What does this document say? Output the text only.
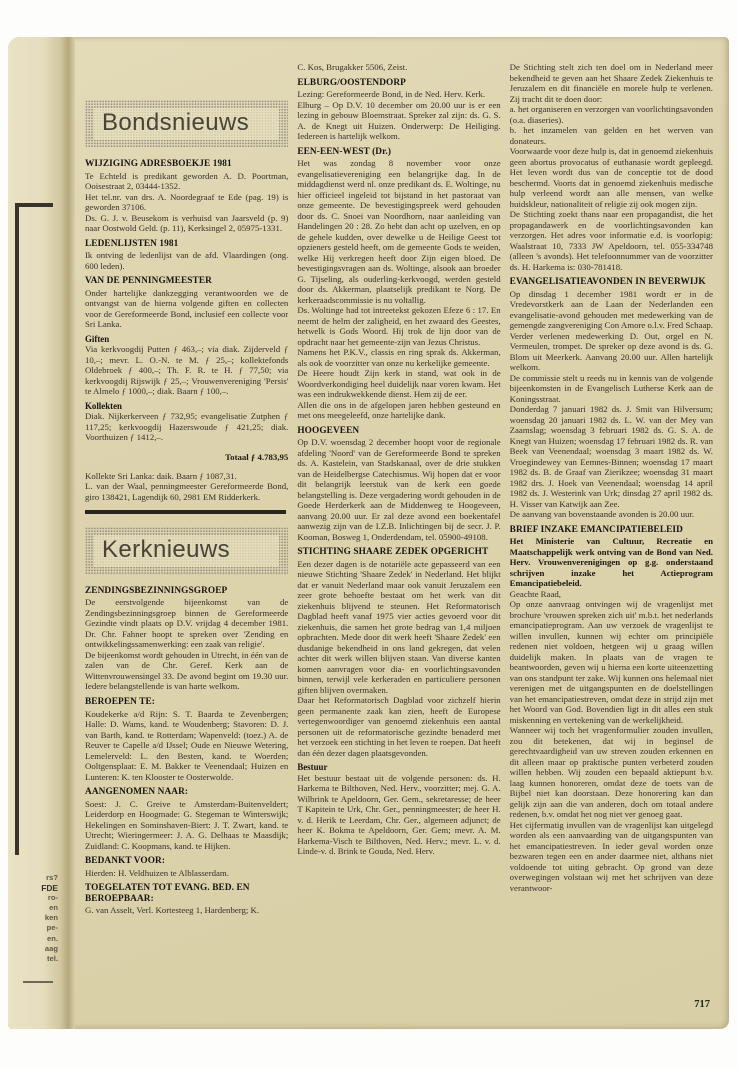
rs?
FDE
ro-
en
ken
pe-
en.
aag
tel.
Bondsnieuws
WIJZIGING ADRESBOEKJE 1981

Te Echteld is predikant geworden A. D. Poortman, Ooisestraat 2, 03444-1352.

Het tel.nr. van drs. A. Noordegraaf te Ede (pag. 19) is geworden 37106.

Ds. G. J. v. Beusekom is verhuisd van Jaarsveld (p. 9) naar Oostwold Geld. (p. 11), Kerksingel 2, 05975-1331.

LEDENLIJSTEN 1981

Ik ontving de ledenlijst van de afd. Vlaardingen (ong. 600 leden).

VAN DE PENNINGMEESTER

Onder hartelijke dankzegging verantwoorden we de ontvangst van de hierna volgende giften en collecten voor de Gereformeerde Bond, inclusief een collecte voor Sri Lanka.

Giften

Via kerkvoogdij Putten ƒ 463,–; via diak. Zijderveld ƒ 10,–; mevr. L. O.-N. te M. ƒ 25,–; kollektefonds Oldebroek ƒ 400,–; Th. F. R. te H. ƒ 77,50; via kerkvoogdij Rijswijk ƒ 25,–; Vrouwenvereniging 'Persis' te Almelo ƒ 1000,–; diak. Baarn ƒ 100,–.

Kollekten

Diak. Nijkerkerveen ƒ 732,95; evangelisatie Zutphen ƒ 117,25; kerkvoogdij Hazerswoude ƒ 421,25; diak. Voorthuizen ƒ 1412,–.

Totaal ƒ 4.783,95

Kollekte Sri Lanka: daik. Baarn ƒ 1087,31.

L. van der Waal, penningmeester Gereformeerde Bond, giro 138421, Lagendijk 60, 2981 EM Ridderkerk.

Kerknieuws
ZENDINGSBEZINNINGSGROEP

De eerstvolgende bijeenkomst van de Zendingsbezinningsgroep binnen de Gereformeerde Gezindte vindt plaats op D.V. vrijdag 4 december 1981. Dr. Chr. Fahner hoopt te spreken over 'Zending en ontwikkelingssamenwerking: een zaak van religie'.

De bijeenkomst wordt gehouden in Utrecht, in één van de zalen van de Chr. Geref. Kerk aan de Wittenvrouwensingel 33. De avond begint om 19.30 uur. Iedere belangstellende is van harte welkom.

BEROEPEN TE:

Koudekerke a/d Rijn: S. T. Baarda te Zevenbergen; Halle: D. Wams, kand. te Woudenberg; Stavoren: D. J. van Barth, kand. te Rotterdam; Wapenveld: (toez.) A. de Reuver te Capelle a/d IJssel; Oude en Nieuwe Wetering, Lemelerveld: L. den Besten, kand. te Woerden; Ooltgensplaat: E. M. Bakker te Veenendaal; Huizen en Lunteren: K. ten Klooster te Oosterwolde.

AANGENOMEN NAAR:

Soest: J. C. Greive te Amsterdam-Buitenveldert; Leiderdorp en Hoogmade: G. Stegeman te Winterswijk; Hekelingen en Sominshaven-Biert: J. T. Zwart, kand. te Utrecht; Wieringermeer: J. A. G. Delhaas te Maasdijk; Zuidland: C. Koopmans, kand. te Hijken.

BEDANKT VOOR:

Hierden: H. Veldhuizen te Alblasserdam.

TOEGELATEN TOT EVANG. BED. EN BEROEPBAAR:

G. van Asselt, Verl. Kortesteeg 1, Hardenberg; K.

C. Kos, Brugakker 5506, Zeist.

ELBURG/OOSTENDORP

Lezing: Gereformeerde Bond, in de Ned. Herv. Kerk.

Elburg – Op D.V. 10 december om 20.00 uur is er een lezing in gebouw Bloemstraat. Spreker zal zijn: ds. G. S. A. de Knegt uit Huizen. Onderwerp: De Heiliging. Iedereen is hartelijk welkom.

EEN-EEN-WEST (Dr.)

Het was zondag 8 november voor onze evangelisatievereniging een belangrijke dag. In de middagdienst werd nl. onze predikant ds. E. Woltinge, nu hier officieel ingeleid tot bijstand in het pastoraat van onze gemeente. De bevestigingspreek werd gehouden door ds. C. Snoei van Noordhorn, naar aanleiding van Handelingen 20 : 28. Zo hebt dan acht op uzelven, en op de gehele kudden, over dewelke u de Heilige Geest tot opzieners gesteld heeft, om de gemeente Gods te weiden, welke Hij verkregen heeft door Zijn eigen bloed. De bevestigingsvragen aan ds. Woltinge, alsook aan broeder G. Tijseling, als ouderling-kerkvoogd, werden gesteld door ds. Akkerman, plaatselijk predikant te Norg. De kerkeraadscommissie is nu voltallig.

Ds. Woltinge had tot intreetekst gekozen Efeze 6 : 17. En neemt de helm der zaligheid, en het zwaard des Geestes, hetwelk is Gods Woord. Hij trok de lijn door van de opdracht naar het gemeente-zijn van Jezus Christus.

Namens het P.K.V., classis en ring sprak ds. Akkerman, als ook de voorzitter van onze nu kerkelijke gemeente.

De Heere houdt Zijn kerk in stand, wat ook in de Woordverkondiging heel duidelijk naar voren kwam. Het was een indrukwekkende dienst. Hem zij de eer.

Allen die ons in de afgelopen jaren hebben gesteund en met ons meegeleefd, onze hartelijke dank.

HOOGEVEEN

Op D.V. woensdag 2 december hoopt voor de regionale afdeling 'Noord' van de Gereformeerde Bond te spreken ds. A. Kastelein, van Stadskanaal, over de drie stukken van de Heidelbergse Catechismus. Wij hopen dat er voor dit belangrijk leerstuk van de kerk een goede belangstelling is. Deze vergadering wordt gehouden in de Goede Herderkerk aan de Middenweg te Hoogeveen, aanvang 20.00 uur. Er zal deze avond een boekentafel aanwezig zijn van de I.Z.B. Inlichtingen bij de secr. J. P. Kooman, Bosweg 1, Onderdendam, tel. 05900-49108.

STICHTING SHAARE ZEDEK OPGERICHT

Een dezer dagen is de notariële acte gepasseerd van een nieuwe Stichting 'Shaare Zedek' in Nederland. Het blijkt dat er vanuit Nederland maar ook vanuit Jeruzalem een zeer grote behoefte bestaat om het werk van dit ziekenhuis blijvend te steunen. Het Reformatorisch Dagblad heeft vanaf 1975 vier acties gevoerd voor dit ziekenhuis, die samen het grote bedrag van 1,4 miljoen opbrachten. Mede door dit werk heeft 'Shaare Zedek' een dusdanige bekendheid in ons land gekregen, dat velen achter dit werk willen blijven staan. Van diverse kanten komen aanvragen voor dia- en voorlichtingsavonden binnen, terwijl vele kerkeraden en particuliere personen giften blijven overmaken.

Daar het Reformatorisch Dagblad voor zichzelf hierin geen permanente zaak kan zien, heeft de Europese vertegenwoordiger van genoemd ziekenhuis een aantal personen uit de reformatorische gezindte benaderd met het verzoek een stichting in het leven te roepen. Dat heeft dan één dezer dagen plaatsgevonden.

Bestuur

Het bestuur bestaat uit de volgende personen: ds. H. Harkema te Bilthoven, Ned. Herv., voorzitter; mej. G. A. Wilbrink te Apeldoorn, Ger. Gem., sekretaresse; de heer T Kapitein te Urk, Chr. Ger., penningmeester; de heer H. v. d. Herik te Leerdam, Chr. Ger., algemeen adjunct; de heer K. Bokma te Apeldoorn, Ger. Gem; mevr. A. M. Harkema-Visch te Bilthoven, Ned. Herv.; mevr. L. v. d. Linde-v. d. Brink te Gouda, Ned. Herv.

De Stichting stelt zich ten doel om in Nederland meer bekendheid te geven aan het Shaare Zedek Ziekenhuis te Jeruzalem en dit financiële en morele hulp te verlenen. Zij tracht dit te doen door:

a. het organiseren en verzorgen van voorlichtingsavonden (o.a. diaseries).

b. het inzamelen van gelden en het werven van donateurs.

Voorwaarde voor deze hulp is, dat in genoemd ziekenhuis geen abortus provocatus of euthanasie wordt gepleegd. Het leven wordt dus van de conceptie tot de dood beschermd. Voorts dat in genoemd ziekenhuis medische hulp verleend wordt aan alle mensen, van welke huidskleur, nationaliteit of religie zij ook mogen zijn.

De Stichting zoekt thans naar een propagandist, die het propagandawerk en de voorlichtingsavonden kan verzorgen. Het adres voor informatie e.d. is voorlopig: Waalstraat 10, 7333 JW Apeldoorn, tel. 055-334748 (alleen 's avonds). Het telefoonnummer van de voorzitter ds. H. Harkema is: 030-781418.

EVANGELISATIEAVONDEN IN BEVERWIJK

Op dinsdag 1 december 1981 wordt er in de Vredevorstkerk aan de Laan der Nederlanden een evangelisatie-avond gehouden met medewerking van de gemengde zangvereniging Con Amore o.l.v. Fred Schaap. Verder verlenen medewerking D. Out, orgel en N. Vermeulen, trompet. De spreker op deze avond is ds. G. Blom uit Meerkerk. Aanvang 20.00 uur. Allen hartelijk welkom.

De commissie stelt u reeds nu in kennis van de volgende bijeenkomsten in de Evangelisch Lutherse Kerk aan de Koningsstraat.

Donderdag 7 januari 1982 ds. J. Smit van Hilversum; woensdag 20 januari 1982 ds. L. W. van der Mey van Zaamslag; woensdag 3 februari 1982 ds. G. S. A. de Knegt van Huizen; woensdag 17 februari 1982 ds. R. van Beek van Veenendaal; woensdag 3 maart 1982 ds. W. Vroegindewey van Eemnes-Binnen; woensdag 17 maart 1982 ds. B. de Graaf van Zierikzee; woensdag 31 maart 1982 drs. J. Hoek van Veenendaal; woensdag 14 april 1982 ds. J. Westerink van Urk; dinsdag 27 april 1982 ds. H. Visser van Katwijk aan Zee.

De aanvang van bovenstaande avonden is 20.00 uur.

BRIEF INZAKE EMANCIPATIEBELEID

Het Ministerie van Cultuur, Recreatie en Maatschappelijk werk ontving van de Bond van Ned. Herv. Vrouwenverenigingen op g.g. onderstaand schrijven inzake het Actieprogram Emancipatiebeleid.

Geachte Raad,

Op onze aanvraag ontvingen wij de vragenlijst met brochure 'vrouwen spreken zich uit' m.b.t. het nederlands emancipatieprogram. Aan uw verzoek de vragenlijst te willen invullen, kunnen wij echter om principiële redenen niet voldoen, hetgeen wij u graag willen duidelijk maken. In plaats van de vragen te beantwoorden, geven wij u hierna een korte uiteenzetting van ons standpunt ter zake. Wij kunnen ons helemaal niet verenigen met de uitgangspunten en de doelstellingen van het emancipatiestreven, omdat deze in strijd zijn met het Woord van God. Bovendien ligt in dit alles een stuk miskenning en vertekening van de werkelijkheid.

Wanneer wij toch het vragenformulier zouden invullen, zou dit betekenen, dat wij in beginsel de gerechtvaardigheid van uw streven zouden erkennen en dit alleen maar op praktische punten verbeterd zouden willen hebben. Wij zouden een bepaald aktiepunt b.v. laag kunnen honoreren, omdat deze de toets van de Bijbel niet kan doorstaan. Deze honorering kan dan gelijk zijn aan die van anderen, doch om totaal andere redenen, b.v. omdat het nog niet ver genoeg gaat.

Het cijfermatig invullen van de vragenlijst kan uitgelegd worden als een aanvaarding van de uitgangspunten van het emancipatiestreven. In ieder geval worden onze bezwaren tegen een en ander daarmee niet, althans niet voldoende tot uiting gebracht. Op grond van deze overwegingen volstaan wij met het schrijven van deze verantwoor-

717
